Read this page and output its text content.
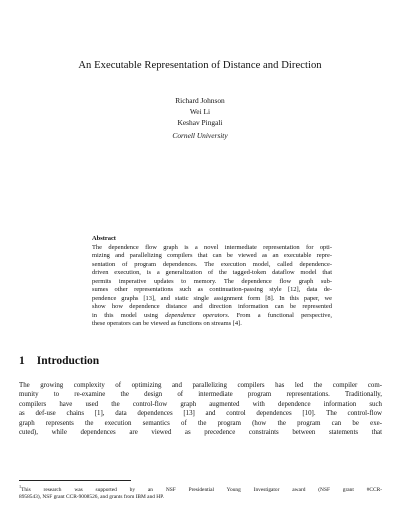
An Executable Representation of Distance and Direction
Richard Johnson
Wei Li
Keshav Pingali
Cornell University
Abstract
The dependence flow graph is a novel intermediate representation for opti-
mizing and parallelizing compilers that can be viewed as an executable repre-
sentation of program dependences. The execution model, called dependence-
driven execution, is a generalization of the tagged-token dataflow model that
permits imperative updates to memory. The dependence flow graph sub-
sumes other representations such as continuation-passing style [12], data de-
pendence graphs [13], and static single assignment form [8]. In this paper, we
show how dependence distance and direction information can be represented
in this model using dependence operators. From a functional perspective,
these operators can be viewed as functions on streams [4].
1 Introduction
The growing complexity of optimizing and parallelizing compilers has led the compiler com-
munity to re-examine the design of intermediate program representations. Traditionally,
compilers have used the control-flow graph augmented with dependence information such
as def-use chains [1], data dependences [13] and control dependences [10]. The control-flow
graph represents the execution semantics of the program (how the program can be exe-
cuted), while dependences are viewed as precedence constraints between statements that
$^1$This research was supported by an NSF Presidential Young Investigator award (NSF grant #CCR-
8958543), NSF grant CCR-9008526, and grants from IBM and HP.
